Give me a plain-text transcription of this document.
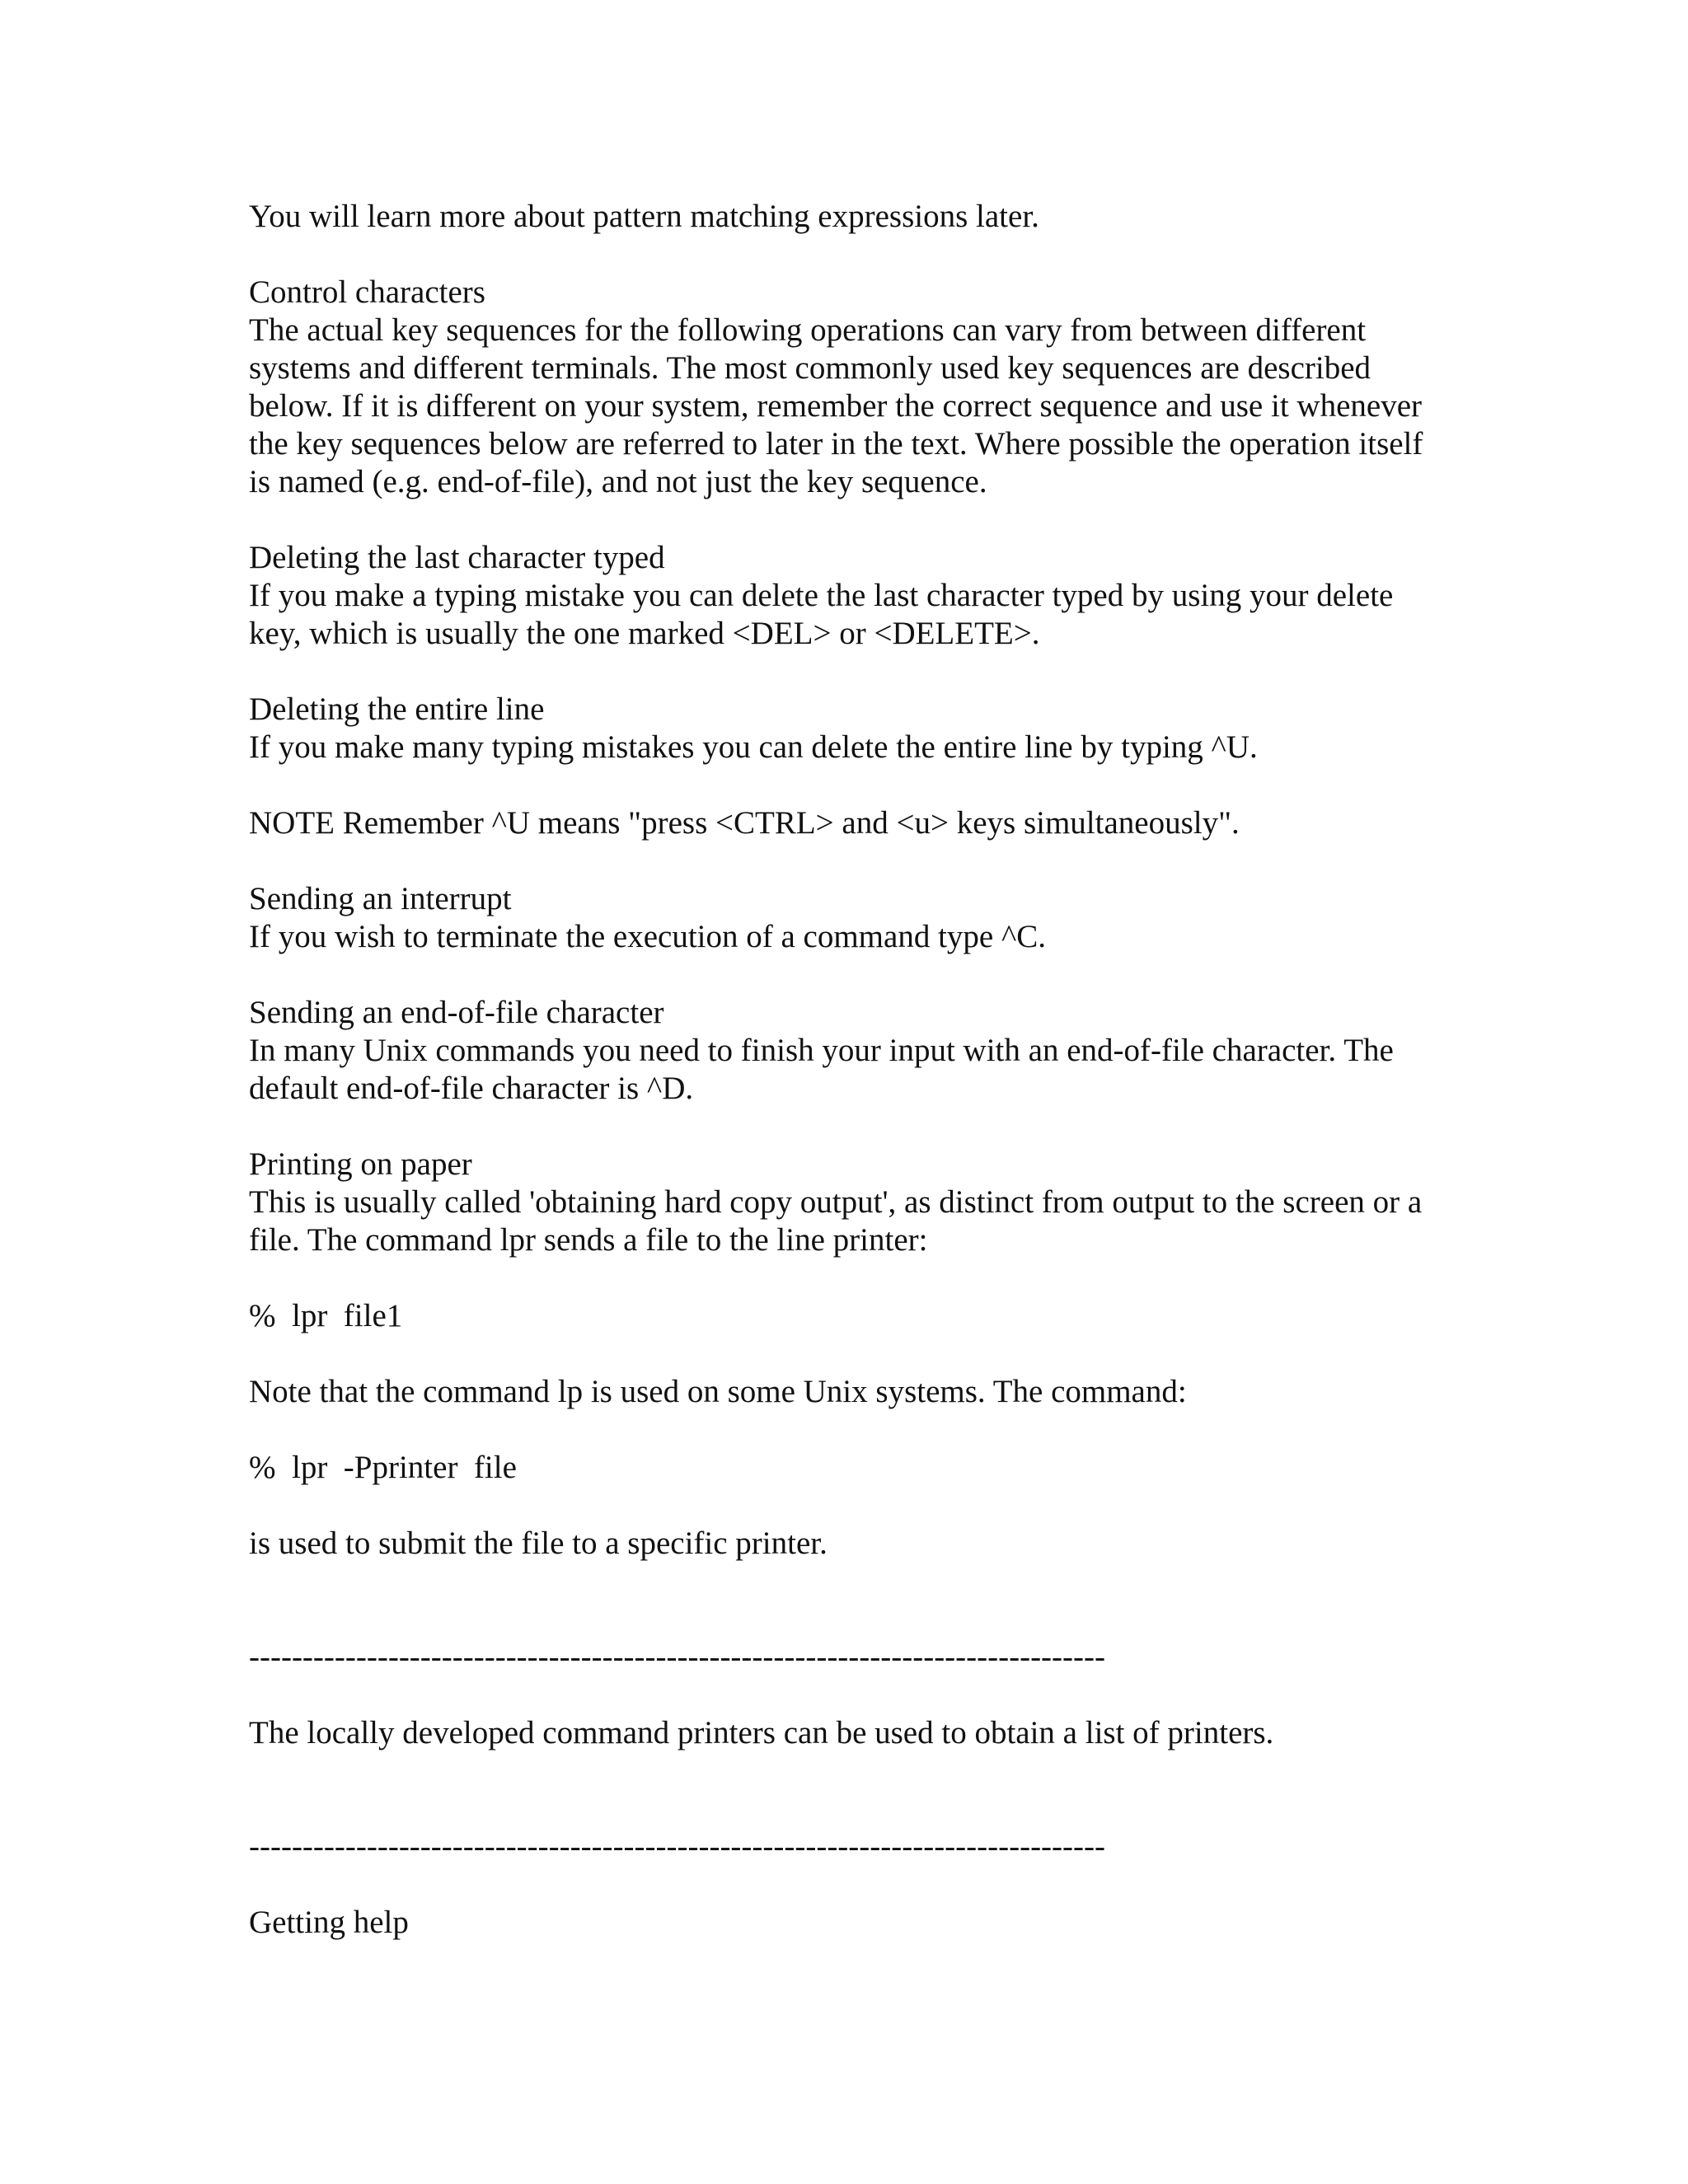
You will learn more about pattern matching expressions later.

Control characters

The actual key sequences for the following operations can vary from between different systems and different terminals. The most commonly used key sequences are described below. If it is different on your system, remember the correct sequence and use it whenever the key sequences below are referred to later in the text. Where possible the operation itself is named (e.g. end-of-file), and not just the key sequence.

Deleting the last character typed

If you make a typing mistake you can delete the last character typed by using your delete key, which is usually the one marked <DEL> or <DELETE>.

Deleting the entire line

If you make many typing mistakes you can delete the entire line by typing ^U.

NOTE Remember ^U means "press <CTRL> and <u> keys simultaneously".

Sending an interrupt

If you wish to terminate the execution of a command type ^C.

Sending an end-of-file character

In many Unix commands you need to finish your input with an end-of-file character. The default end-of-file character is ^D.

Printing on paper

This is usually called 'obtaining hard copy output', as distinct from output to the screen or a file. The command lpr sends a file to the line printer:

%  lpr  file1

Note that the command lp is used on some Unix systems. The command:

%  lpr  -Pprinter  file

is used to submit the file to a specific printer.

--------------------------------------------------------------------------------

The locally developed command printers can be used to obtain a list of printers.

--------------------------------------------------------------------------------

Getting help
